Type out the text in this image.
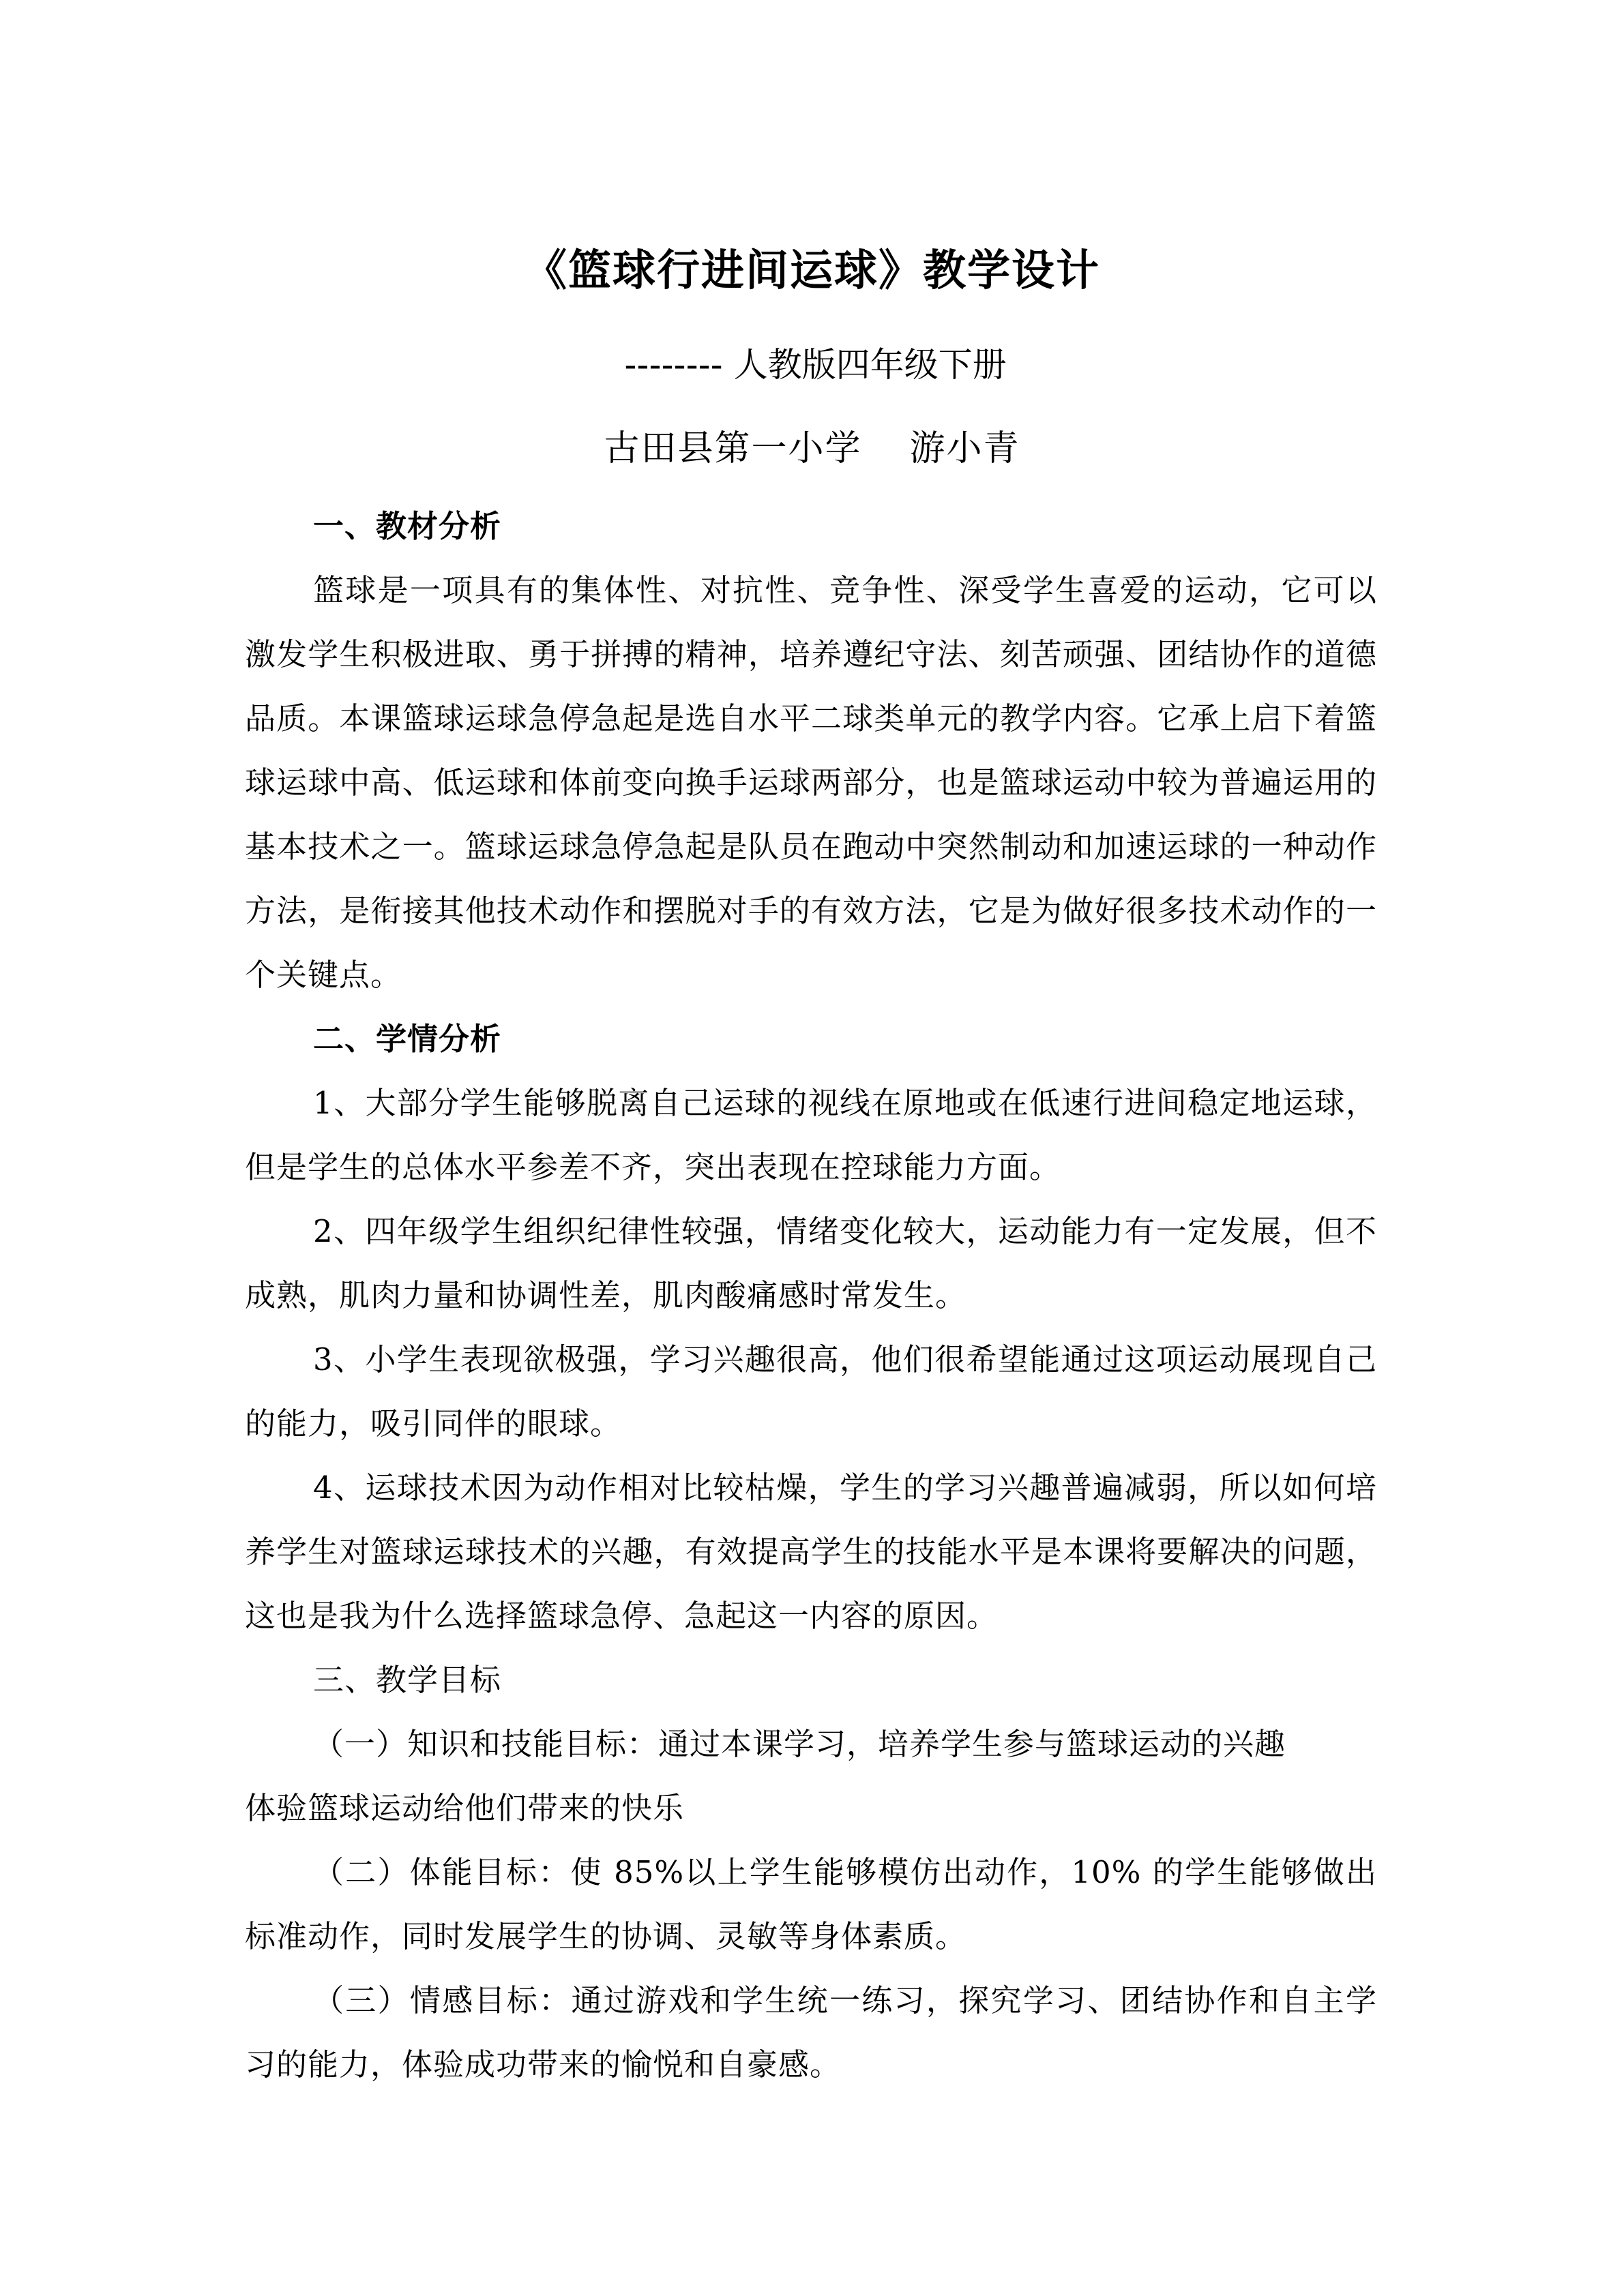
《篮球行进间运球》教学设计
-------- 人教版四年级下册
古田县第一小学 游小青

一、教材分析

篮球是一项具有的集体性、对抗性、竞争性、深受学生喜爱的运动，它可以激发学生积极进取、勇于拼搏的精神，培养遵纪守法、刻苦顽强、团结协作的道德品质。本课篮球运球急停急起是选自水平二球类单元的教学内容。它承上启下着篮球运球中高、低运球和体前变向换手运球两部分，也是篮球运动中较为普遍运用的基本技术之一。篮球运球急停急起是队员在跑动中突然制动和加速运球的一种动作方法，是衔接其他技术动作和摆脱对手的有效方法，它是为做好很多技术动作的一个关键点。

二、学情分析

1、大部分学生能够脱离自己运球的视线在原地或在低速行进间稳定地运球，但是学生的总体水平参差不齐，突出表现在控球能力方面。

2、四年级学生组织纪律性较强，情绪变化较大，运动能力有一定发展，但不成熟，肌肉力量和协调性差，肌肉酸痛感时常发生。

3、小学生表现欲极强，学习兴趣很高，他们很希望能通过这项运动展现自己的能力，吸引同伴的眼球。

4、运球技术因为动作相对比较枯燥，学生的学习兴趣普遍减弱，所以如何培养学生对篮球运球技术的兴趣，有效提高学生的技能水平是本课将要解决的问题，这也是我为什么选择篮球急停、急起这一内容的原因。

三、教学目标

（一）知识和技能目标：通过本课学习，培养学生参与篮球运动的兴趣

体验篮球运动给他们带来的快乐

（二）体能目标：使 85%以上学生能够模仿出动作，10% 的学生能够做出标准动作，同时发展学生的协调、灵敏等身体素质。

（三）情感目标：通过游戏和学生统一练习，探究学习、团结协作和自主学习的能力，体验成功带来的愉悦和自豪感。
